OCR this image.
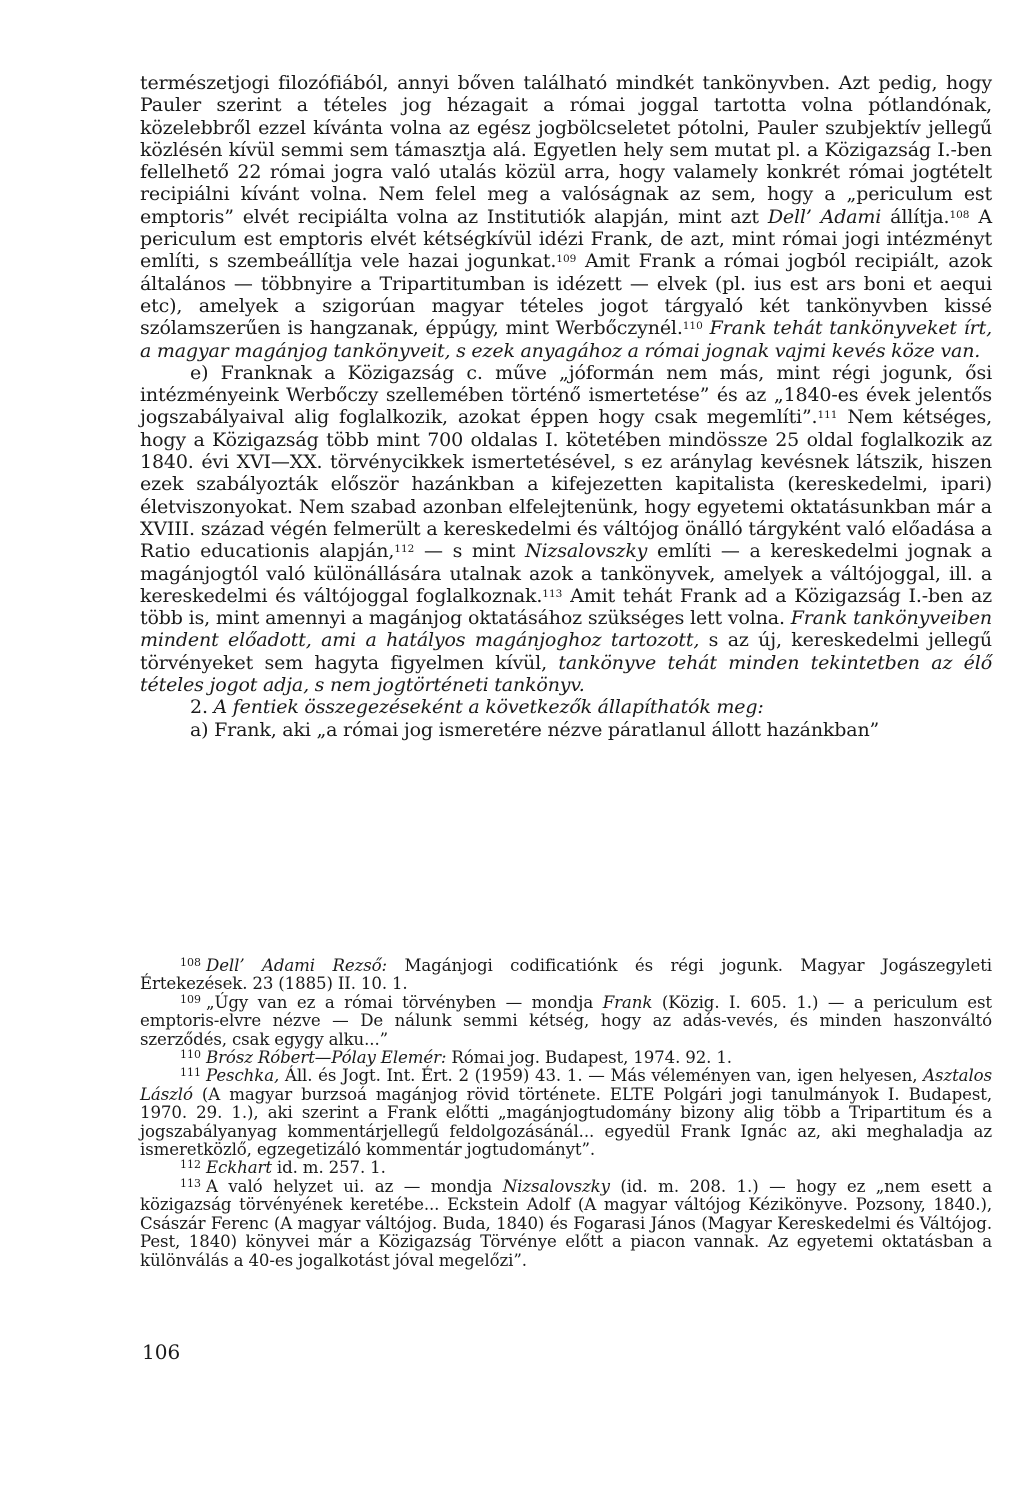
természetjogi filozófiából, annyi bőven található mindkét tankönyvben. Azt pedig, hogy Pauler szerint a tételes jog hézagait a római joggal tartotta volna pótlandónak, közelebbről ezzel kívánta volna az egész jogbölcseletet pótolni, Pauler szubjektív jellegű közlésén kívül semmi sem támasztja alá. Egyetlen hely sem mutat pl. a Közigazság I.-ben fellelhető 22 római jogra való utalás közül arra, hogy valamely konkrét római jogtételt recipiálni kívánt volna. Nem felel meg a valóságnak az sem, hogy a „periculum est emptoris” elvét recipiálta volna az Institutiók alapján, mint azt Dell’ Adami állítja.$^{108}$ A periculum est emptoris elvét kétségkívül idézi Frank, de azt, mint római jogi intézményt említi, s szembeállítja vele hazai jogunkat.$^{109}$ Amit Frank a római jogból recipiált, azok általános — többnyire a Tripartitumban is idézett — elvek (pl. ius est ars boni et aequi etc), amelyek a szigorúan magyar tételes jogot tárgyaló két tankönyvben kissé szólamszerűen is hangzanak, éppúgy, mint Werbőczynél.$^{110}$ Frank tehát tankönyveket írt, a magyar magánjog tankönyveit, s ezek anyagához a római jognak vajmi kevés köze van.

e) Franknak a Közigazság c. műve „jóformán nem más, mint régi jogunk, ősi intézményeink Werbőczy szellemében történő ismertetése” és az „1840-es évek jelentős jogszabályaival alig foglalkozik, azokat éppen hogy csak megemlíti”.$^{111}$ Nem kétséges, hogy a Közigazság több mint 700 oldalas I. kötetében mindössze 25 oldal foglalkozik az 1840. évi XVI—XX. törvénycikkek ismertetésével, s ez aránylag kevésnek látszik, hiszen ezek szabályozták először hazánkban a kifejezetten kapitalista (kereskedelmi, ipari) életviszonyokat. Nem szabad azonban elfelejtenünk, hogy egyetemi oktatásunkban már a XVIII. század végén felmerült a kereskedelmi és váltójog önálló tárgyként való előadása a Ratio educationis alapján,$^{112}$ — s mint Nizsalovszky említi — a kereskedelmi jognak a magánjogtól való különállására utalnak azok a tankönyvek, amelyek a váltójoggal, ill. a kereskedelmi és váltójoggal foglalkoznak.$^{113}$ Amit tehát Frank ad a Közigazság I.-ben az több is, mint amennyi a magánjog oktatásához szükséges lett volna. Frank tankönyveiben mindent előadott, ami a hatályos magánjoghoz tartozott, s az új, kereskedelmi jellegű törvényeket sem hagyta figyelmen kívül, tankönyve tehát minden tekintetben az élő tételes jogot adja, s nem jogtörténeti tankönyv.

2. A fentiek összegezéseként a következők állapíthatók meg:

a) Frank, aki „a római jog ismeretére nézve páratlanul állott hazánkban”

$^{108}$ Dell’ Adami Rezső: Magánjogi codificatiónk és régi jogunk. Magyar Jogászegyleti Értekezések. 23 (1885) II. 10. 1.

$^{109}$ „Úgy van ez a római törvényben — mondja Frank (Közig. I. 605. 1.) — a periculum est emptoris-elvre nézve — De nálunk semmi kétség, hogy az adás-vevés, és minden haszonváltó szerződés, csak egygy alku...”

$^{110}$ Brósz Róbert—Pólay Elemér: Római jog. Budapest, 1974. 92. 1.

$^{111}$ Peschka, Áll. és Jogt. Int. Ért. 2 (1959) 43. 1. — Más véleményen van, igen helyesen, Asztalos László (A magyar burzsoá magánjog rövid története. ELTE Polgári jogi tanulmányok I. Budapest, 1970. 29. 1.), aki szerint a Frank előtti „magánjogtudomány bizony alig több a Tripartitum és a jogszabályanyag kommentárjellegű feldolgozásánál... egyedül Frank Ignác az, aki meghaladja az ismeretközlő, egzegetizáló kommentár jogtudományt”.

$^{112}$ Eckhart id. m. 257. 1.

$^{113}$ A való helyzet ui. az — mondja Nizsalovszky (id. m. 208. 1.) — hogy ez „nem esett a közigazság törvényének keretébe... Eckstein Adolf (A magyar váltójog Kézikönyve. Pozsony, 1840.), Császár Ferenc (A magyar váltójog. Buda, 1840) és Fogarasi János (Magyar Kereskedelmi és Váltójog. Pest, 1840) könyvei már a Közigazság Törvénye előtt a piacon vannak. Az egyetemi oktatásban a különválás a 40-es jogalkotást jóval megelőzi”.

106
